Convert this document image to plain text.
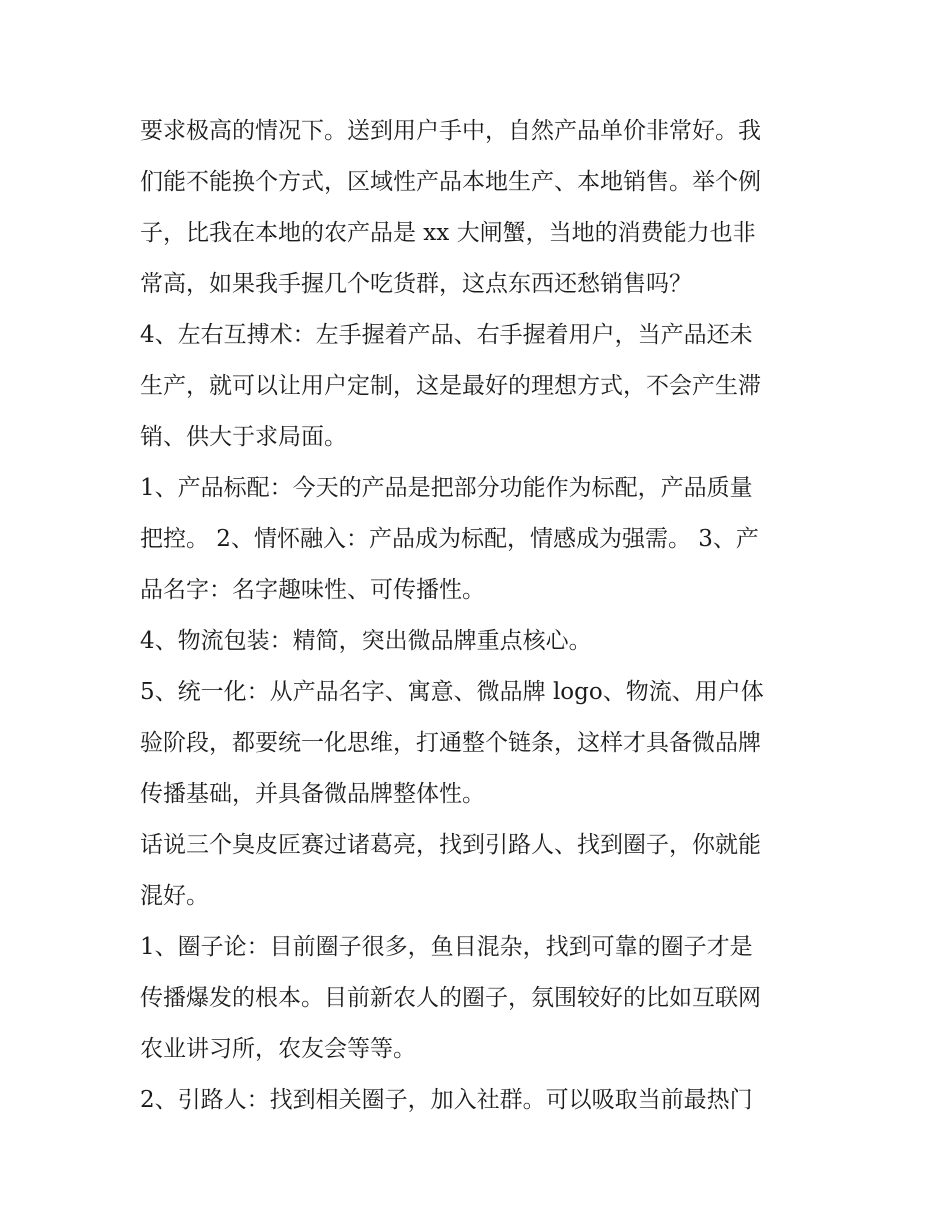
要求极高的情况下。送到用户手中，自然产品单价非常好。我
们能不能换个方式，区域性产品本地生产、本地销售。举个例
子，比我在本地的农产品是 xx 大闸蟹，当地的消费能力也非
常高，如果我手握几个吃货群，这点东西还愁销售吗？
4、左右互搏术：左手握着产品、右手握着用户，当产品还未
生产，就可以让用户定制，这是最好的理想方式，不会产生滞
销、供大于求局面。
1、产品标配：今天的产品是把部分功能作为标配，产品质量
把控。 2、情怀融入：产品成为标配，情感成为强需。 3、产
品名字：名字趣味性、可传播性。
4、物流包装：精简，突出微品牌重点核心。
5、统一化：从产品名字、寓意、微品牌 logo、物流、用户体
验阶段，都要统一化思维，打通整个链条，这样才具备微品牌
传播基础，并具备微品牌整体性。
话说三个臭皮匠赛过诸葛亮，找到引路人、找到圈子，你就能
混好。
1、圈子论：目前圈子很多，鱼目混杂，找到可靠的圈子才是
传播爆发的根本。目前新农人的圈子，氛围较好的比如互联网
农业讲习所，农友会等等。
2、引路人：找到相关圈子，加入社群。可以吸取当前最热门
